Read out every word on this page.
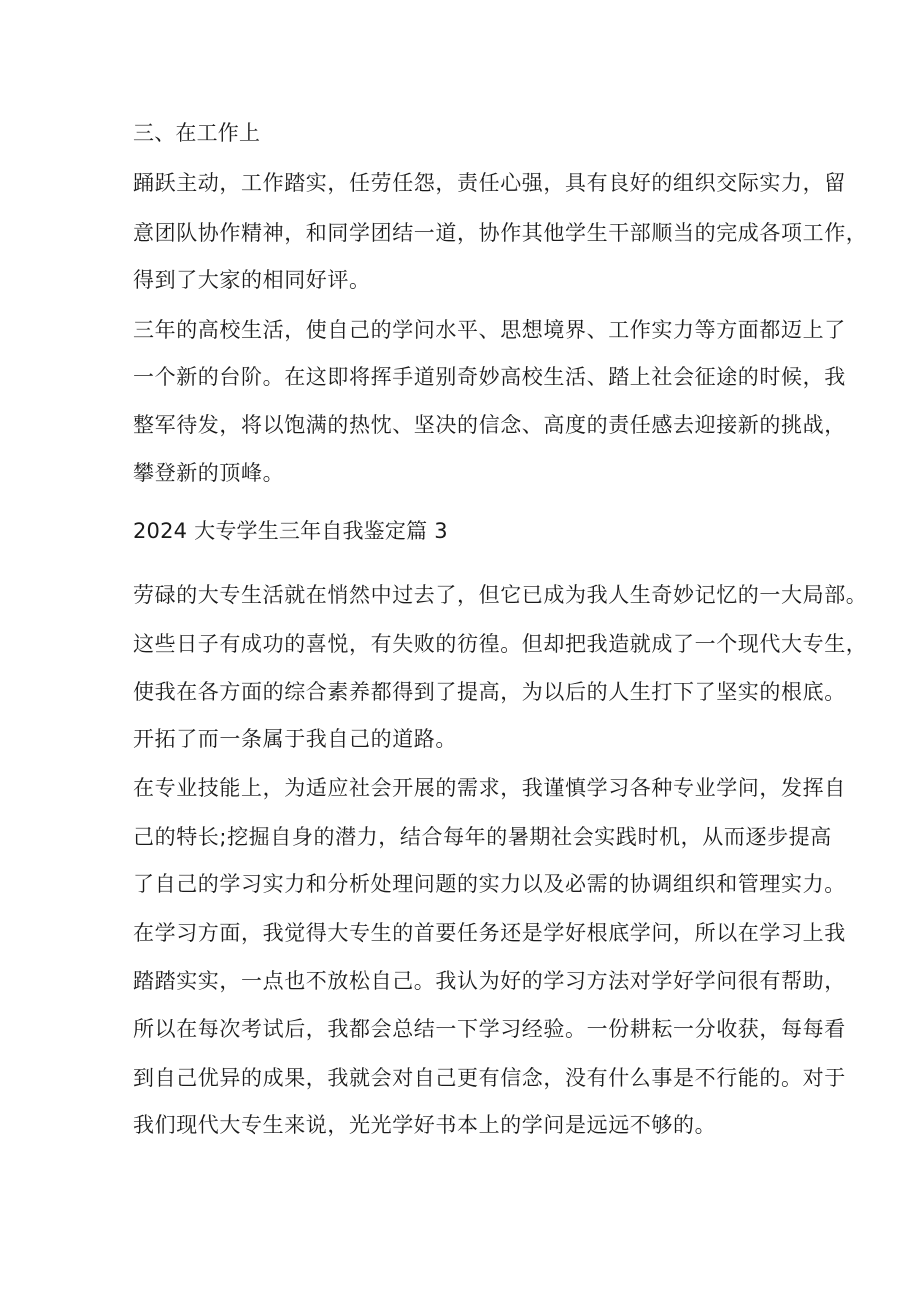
三、在工作上
踊跃主动，工作踏实，任劳任怨，责任心强，具有良好的组织交际实力，留
意团队协作精神，和同学团结一道，协作其他学生干部顺当的完成各项工作，
得到了大家的相同好评。
三年的高校生活，使自己的学问水平、思想境界、工作实力等方面都迈上了
一个新的台阶。在这即将挥手道别奇妙高校生活、踏上社会征途的时候，我
整军待发，将以饱满的热忱、坚决的信念、高度的责任感去迎接新的挑战，
攀登新的顶峰。
2024 大专学生三年自我鉴定篇 3
劳碌的大专生活就在悄然中过去了，但它已成为我人生奇妙记忆的一大局部。
这些日子有成功的喜悦，有失败的彷徨。但却把我造就成了一个现代大专生，
使我在各方面的综合素养都得到了提高，为以后的人生打下了坚实的根底。
开拓了而一条属于我自己的道路。
在专业技能上，为适应社会开展的需求，我谨慎学习各种专业学问，发挥自
己的特长;挖掘自身的潜力，结合每年的暑期社会实践时机，从而逐步提高
了自己的学习实力和分析处理问题的实力以及必需的协调组织和管理实力。
在学习方面，我觉得大专生的首要任务还是学好根底学问，所以在学习上我
踏踏实实，一点也不放松自己。我认为好的学习方法对学好学问很有帮助，
所以在每次考试后，我都会总结一下学习经验。一份耕耘一分收获，每每看
到自己优异的成果，我就会对自己更有信念，没有什么事是不行能的。对于
我们现代大专生来说，光光学好书本上的学问是远远不够的。
